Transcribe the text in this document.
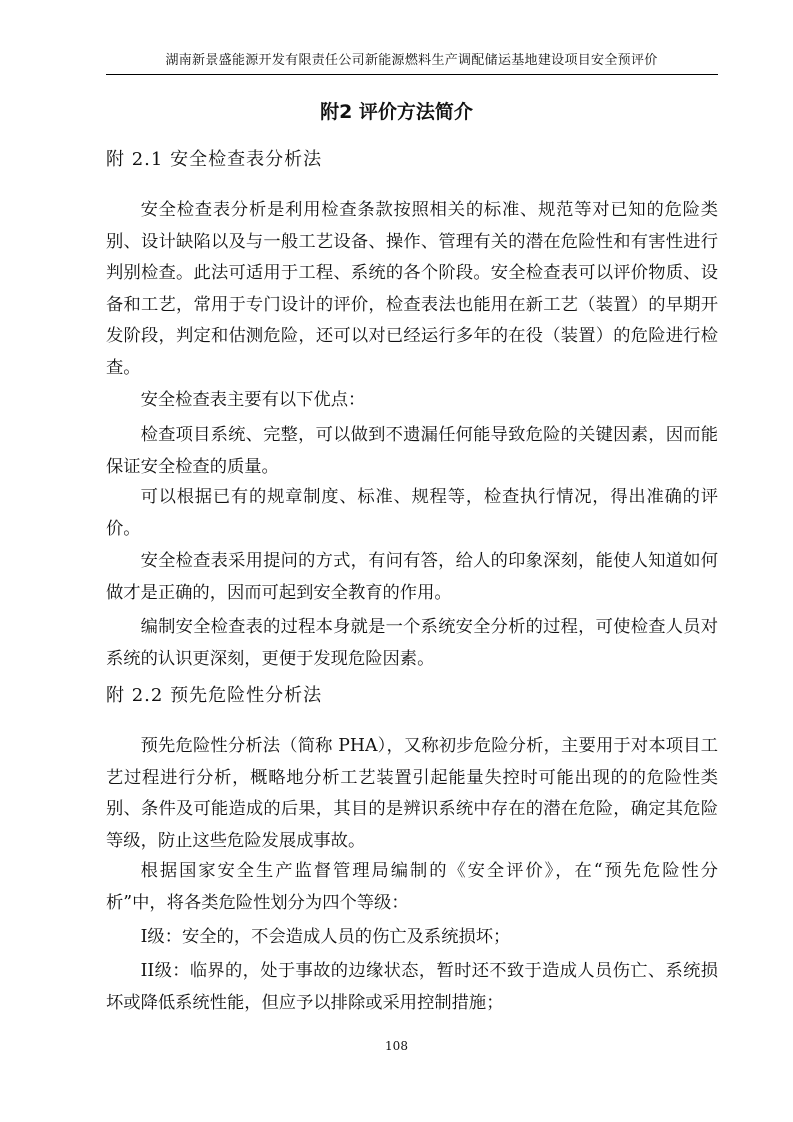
湖南新景盛能源开发有限责任公司新能源燃料生产调配储运基地建设项目安全预评价
附2 评价方法简介
附 2.1 安全检查表分析法

安全检查表分析是利用检查条款按照相关的标准、规范等对已知的危险类别、设计缺陷以及与一般工艺设备、操作、管理有关的潜在危险性和有害性进行判别检查。此法可适用于工程、系统的各个阶段。安全检查表可以评价物质、设备和工艺，常用于专门设计的评价，检查表法也能用在新工艺（装置）的早期开发阶段，判定和估测危险，还可以对已经运行多年的在役（装置）的危险进行检查。

安全检查表主要有以下优点：

检查项目系统、完整，可以做到不遗漏任何能导致危险的关键因素，因而能保证安全检查的质量。

可以根据已有的规章制度、标准、规程等，检查执行情况，得出准确的评价。

安全检查表采用提问的方式，有问有答，给人的印象深刻，能使人知道如何做才是正确的，因而可起到安全教育的作用。

编制安全检查表的过程本身就是一个系统安全分析的过程，可使检查人员对系统的认识更深刻，更便于发现危险因素。

附 2.2 预先危险性分析法

预先危险性分析法（简称 PHA），又称初步危险分析，主要用于对本项目工艺过程进行分析，概略地分析工艺装置引起能量失控时可能出现的的危险性类别、条件及可能造成的后果，其目的是辨识系统中存在的潜在危险，确定其危险等级，防止这些危险发展成事故。

根据国家安全生产监督管理局编制的《安全评价》，在“预先危险性分析”中，将各类危险性划分为四个等级：

I级：安全的，不会造成人员的伤亡及系统损坏；

II级：临界的，处于事故的边缘状态，暂时还不致于造成人员伤亡、系统损坏或降低系统性能，但应予以排除或采用控制措施；

108
